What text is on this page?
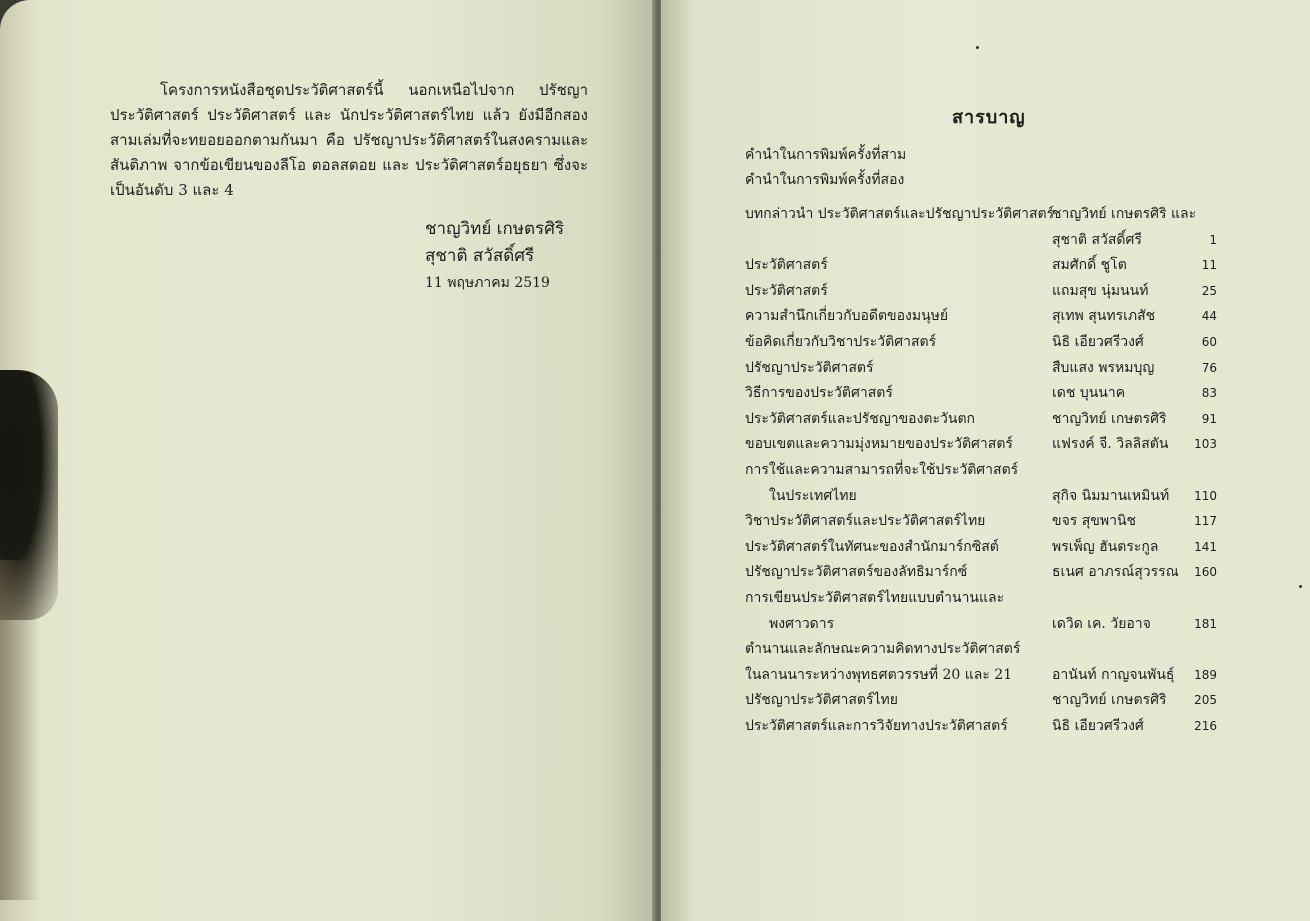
โครงการหนังสือชุดประวัติศาสตร์นี้ นอกเหนือไปจาก ปรัชญาประวัติศาสตร์ ประวัติศาสตร์ และ นักประวัติศาสตร์ไทย แล้ว ยังมีอีกสองสามเล่มที่จะทยอยออกตามกันมา คือ ปรัชญาประวัติศาสตร์ในสงครามและสันติภาพ จากข้อเขียนของลีโอ ตอลสตอย และ ประวัติศาสตร์อยุธยา ซึ่งจะเป็นอันดับ 3 และ 4

ชาญวิทย์ เกษตรศิริ
สุชาติ สวัสดิ์ศรี
11 พฤษภาคม 2519
สารบาญ
คำนำในการพิมพ์ครั้งที่สาม
คำนำในการพิมพ์ครั้งที่สอง
บทกล่าวนำ ประวัติศาสตร์และปรัชญาประวัติศาสตร์
ชาญวิทย์ เกษตรศิริ และ
สุชาติ สวัสดิ์ศรี	1
ประวัติศาสตร์	สมศักดิ์ ชูโต	11
ประวัติศาสตร์	แถมสุข นุ่มนนท์	25
ความสำนึกเกี่ยวกับอดีตของมนุษย์	สุเทพ สุนทรเภสัช	44
ข้อคิดเกี่ยวกับวิชาประวัติศาสตร์	นิธิ เอียวศรีวงศ์	60
ปรัชญาประวัติศาสตร์	สืบแสง พรหมบุญ	76
วิธีการของประวัติศาสตร์	เดช บุนนาค	83
ประวัติศาสตร์และปรัชญาของตะวันตก	ชาญวิทย์ เกษตรศิริ	91
ขอบเขตและความมุ่งหมายของประวัติศาสตร์	แฟรงค์ จี. วิลลิสตัน 103
การใช้และความสามารถที่จะใช้ประวัติศาสตร์
ในประเทศไทย	สุกิจ นิมมานเหมินท์ 110
วิชาประวัติศาสตร์และประวัติศาสตร์ไทย	ขจร สุขพานิช	117
ประวัติศาสตร์ในทัศนะของสำนักมาร์กซิสต์	พรเพ็ญ ฮันตระกูล	141
ปรัชญาประวัติศาสตร์ของลัทธิมาร์กซ์	ธเนศ อาภรณ์สุวรรณ 160
การเขียนประวัติศาสตร์ไทยแบบตำนานและ
พงศาวดาร	เดวิด เค. วัยอาจ	181
ตำนานและลักษณะความคิดทางประวัติศาสตร์
ในลานนาระหว่างพุทธศตวรรษที่ 20 และ 21	อานันท์ กาญจนพันธุ์ 189
ปรัชญาประวัติศาสตร์ไทย	ชาญวิทย์ เกษตรศิริ 205
ประวัติศาสตร์และการวิจัยทางประวัติศาสตร์	นิธิ เอียวศรีวงศ์	216
